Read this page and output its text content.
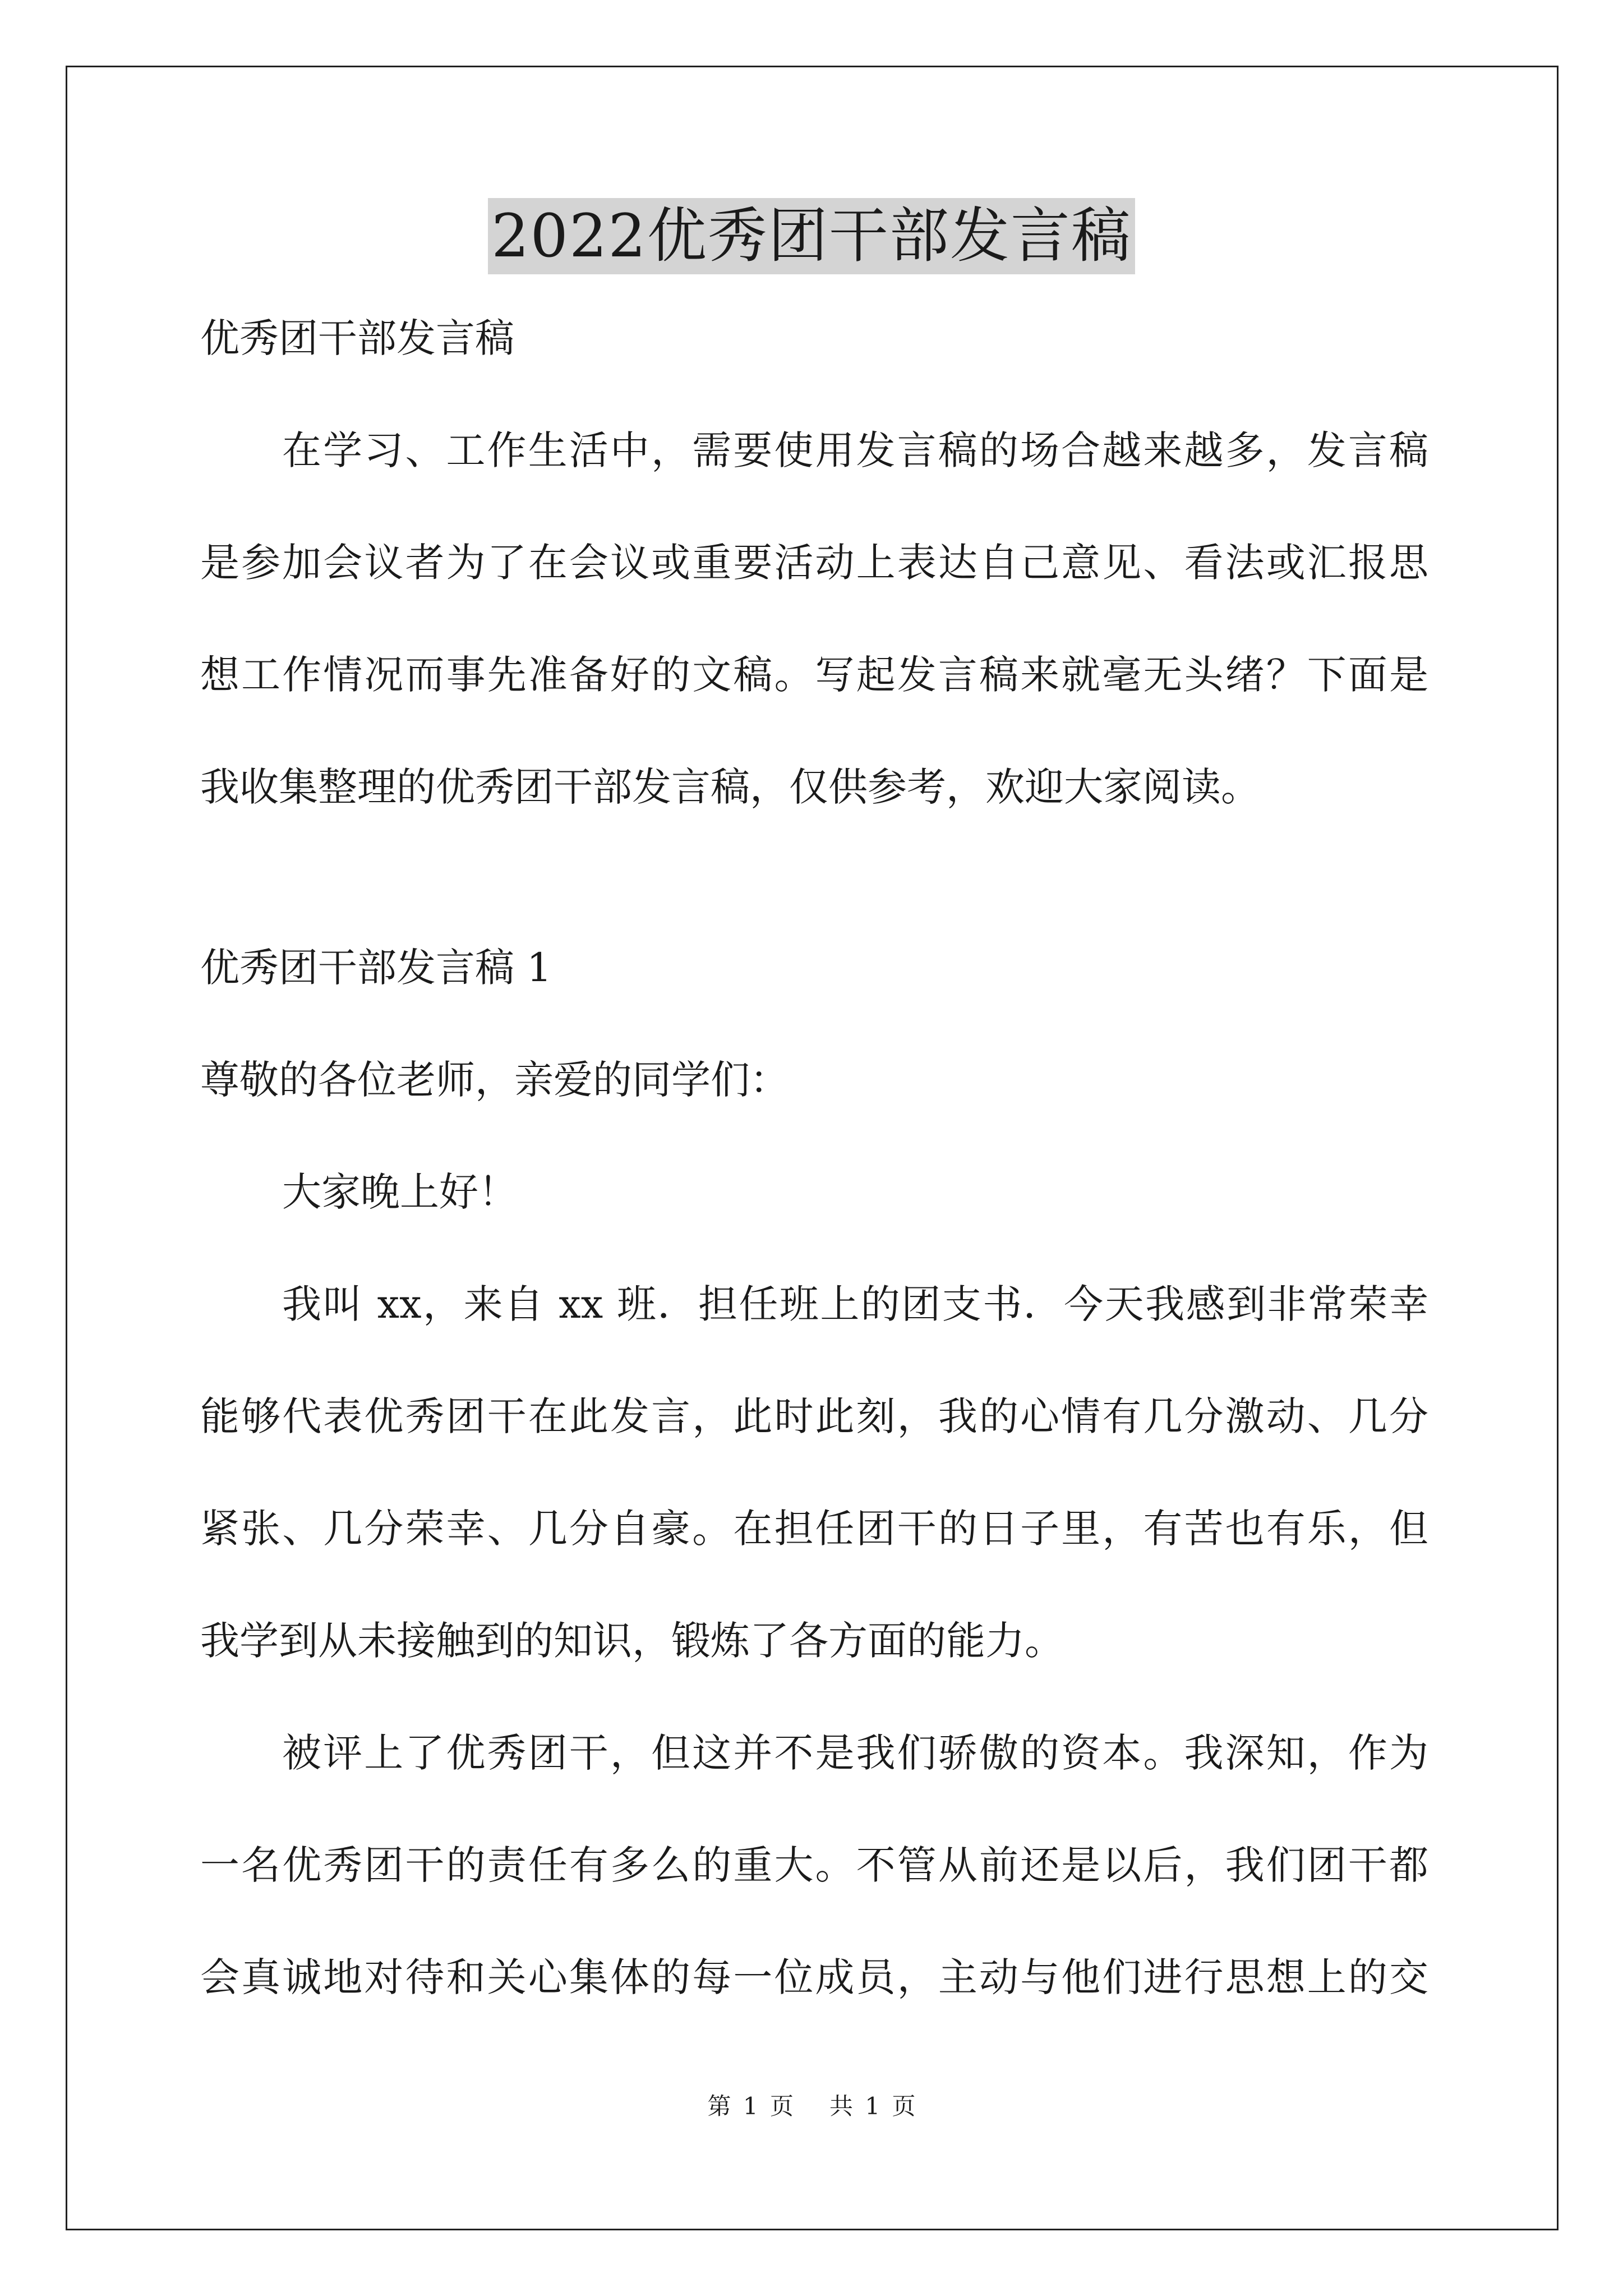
2022优秀团干部发言稿
优秀团干部发言稿
在学习、工作生活中，需要使用发言稿的场合越来越多，发言稿
是参加会议者为了在会议或重要活动上表达自己意见、看法或汇报思
想工作情况而事先准备好的文稿。写起发言稿来就毫无头绪？下面是
我收集整理的优秀团干部发言稿，仅供参考，欢迎大家阅读。
优秀团干部发言稿 1
尊敬的各位老师，亲爱的同学们：
大家晚上好！
我叫 xx，来自 xx 班．担任班上的团支书．今天我感到非常荣幸
能够代表优秀团干在此发言，此时此刻，我的心情有几分激动、几分
紧张、几分荣幸、几分自豪。在担任团干的日子里，有苦也有乐，但
我学到从未接触到的知识，锻炼了各方面的能力。
被评上了优秀团干，但这并不是我们骄傲的资本。我深知，作为
一名优秀团干的责任有多么的重大。不管从前还是以后，我们团干都
会真诚地对待和关心集体的每一位成员，主动与他们进行思想上的交
第 1 页   共 1 页
